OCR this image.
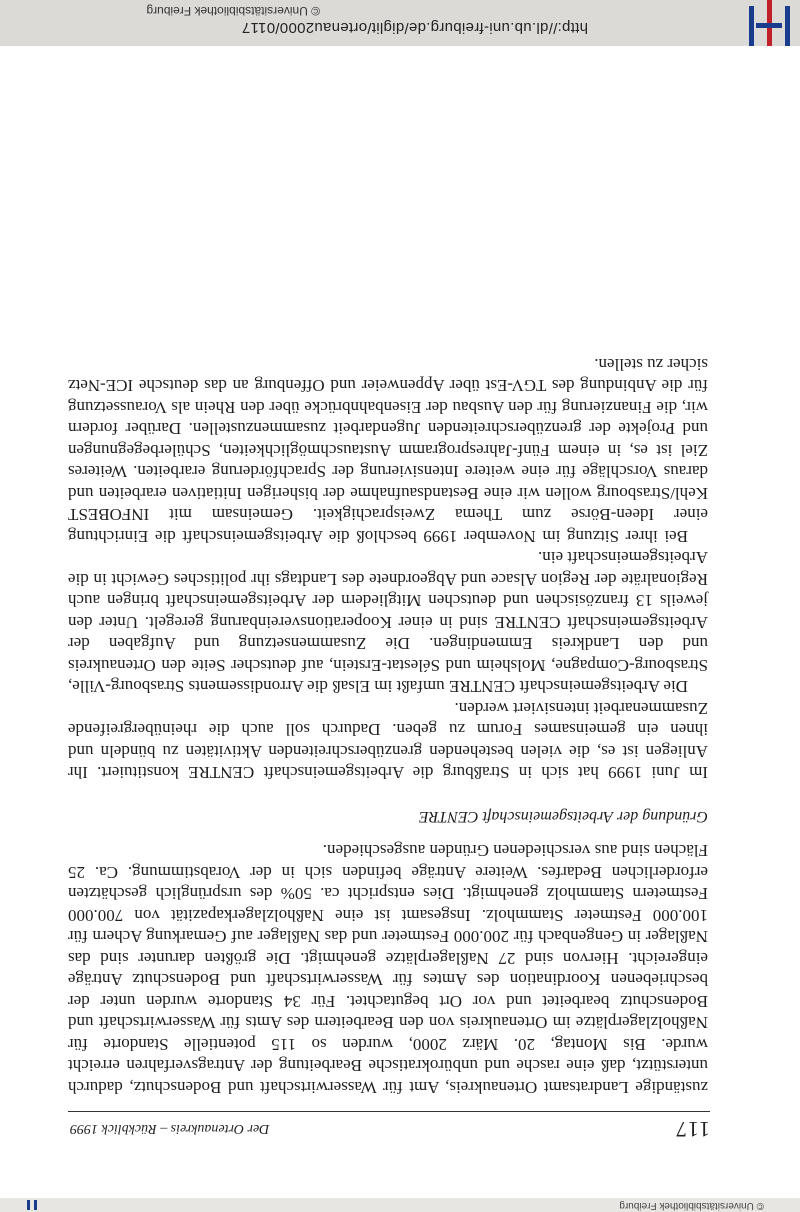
© Universitätsbibliothek Freiburg
117
Der Ortenaukreis – Rückblick 1999

zuständige Landratsamt Ortenaukreis, Amt für Wasserwirtschaft und Bodenschutz, dadurch unterstützt, daß eine rasche und unbürokratische Bearbeitung der Antragsverfahren erreicht wurde. Bis Montag, 20. März 2000, wurden so 115 potentielle Standorte für Naßholzlagerplätze im Ortenaukreis von den Bearbeitern des Amts für Wasserwirtschaft und Bodenschutz bearbeitet und vor Ort begutachtet. Für 34 Standorte wurden unter der beschriebenen Koordination des Amtes für Wasserwirtschaft und Bodenschutz Anträge eingereicht. Hiervon sind 27 Naßlagerplätze genehmigt. Die größten darunter sind das Naßlager in Gengenbach für 200.000 Festmeter und das Naßlager auf Gemarkung Achern für 100.000 Festmeter Stammholz. Insgesamt ist eine Naßholzlagerkapazität von 700.000 Festmetern Stammholz genehmigt. Dies entspricht ca. 50% des ursprünglich geschätzten erforderlichen Bedarfes. Weitere Anträge befinden sich in der Vorabstimmung. Ca. 25 Flächen sind aus verschiedenen Gründen ausgeschieden.

Gründung der Arbeitsgemeinschaft CENTRE

Im Juni 1999 hat sich in Straßburg die Arbeitsgemeinschaft CENTRE konstituiert. Ihr Anliegen ist es, die vielen bestehenden grenzüberschreitenden Aktivitäten zu bündeln und ihnen ein gemeinsames Forum zu geben. Dadurch soll auch die rheinübergreifende Zusammenarbeit intensiviert werden.

Die Arbeitsgemeinschaft CENTRE umfaßt im Elsaß die Arrondissements Strasbourg-Ville, Strasbourg-Compagne, Molsheim und Sélestat-Erstein, auf deutscher Seite den Ortenaukreis und den Landkreis Emmendingen. Die Zusammensetzung und Aufgaben der Arbeitsgemeinschaft CENTRE sind in einer Kooperationsvereinbarung geregelt. Unter den jeweils 13 französischen und deutschen Mitgliedern der Arbeitsgemeinschaft bringen auch Regionalräte der Region Alsace und Abgeordnete des Landtags ihr politisches Gewicht in die Arbeitsgemeinschaft ein.

Bei ihrer Sitzung im November 1999 beschloß die Arbeitsgemeinschaft die Einrichtung einer Ideen-Börse zum Thema Zweisprachigkeit. Gemeinsam mit INFOBEST Kehl/Strasbourg wollen wir eine Bestandsaufnahme der bisherigen Initiativen erarbeiten und daraus Vorschläge für eine weitere Intensivierung der Sprachförderung erarbeiten. Weiteres Ziel ist es, in einem Fünf-Jahresprogramm Austauschmöglichkeiten, Schülerbegegnungen und Projekte der grenzüberschreitenden Jugendarbeit zusammenzustellen. Darüber fordern wir, die Finanzierung für den Ausbau der Eisenbahnbrücke über den Rhein als Voraussetzung für die Anbindung des TGV-Est über Appenweier und Offenburg an das deutsche ICE-Netz sicher zu stellen.

http://dl.ub.uni-freiburg.de/diglit/ortenau2000/0117
© Universitätsbibliothek Freiburg
